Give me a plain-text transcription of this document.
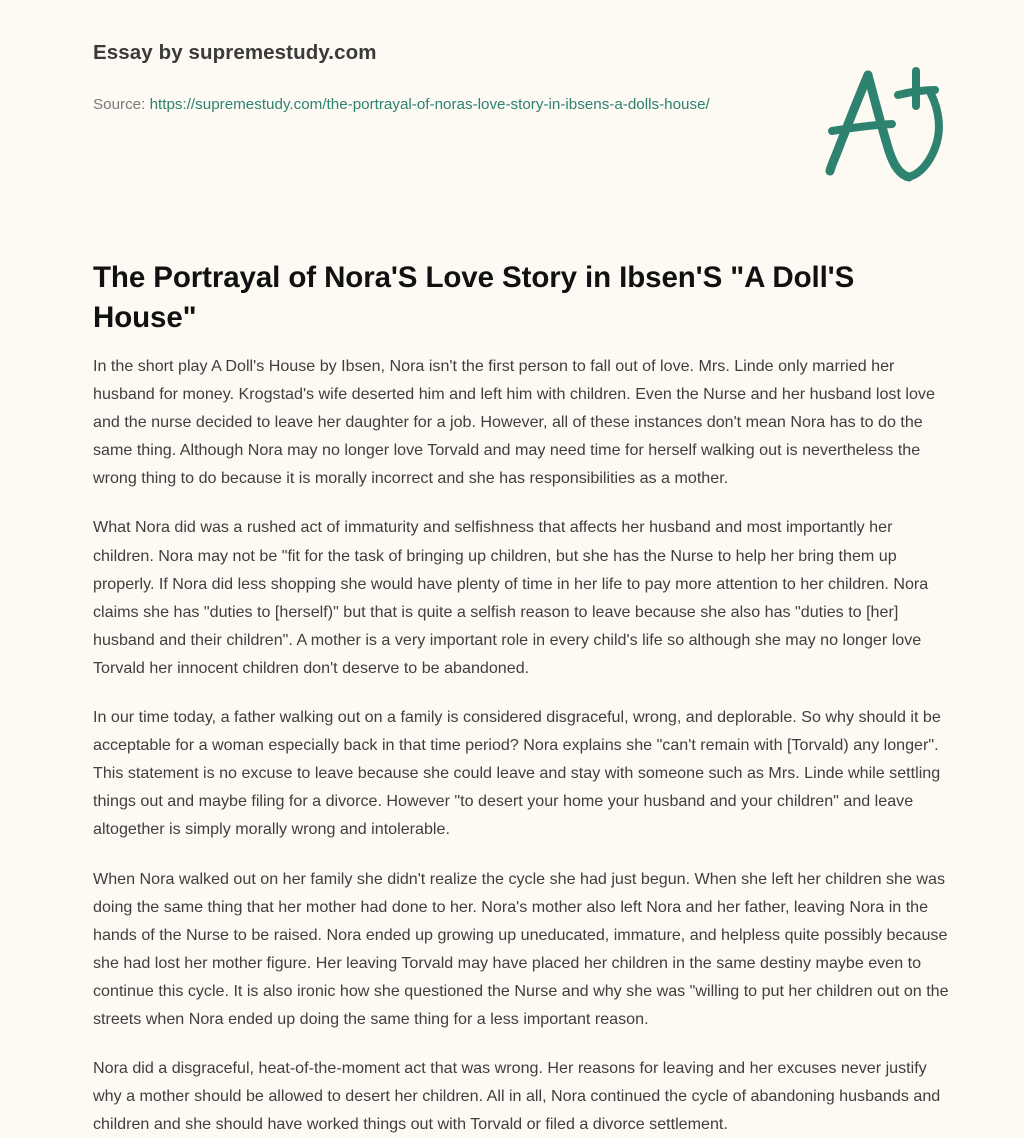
Essay by supremestudy.com
Source: https://supremestudy.com/the-portrayal-of-noras-love-story-in-ibsens-a-dolls-house/
The Portrayal of Nora'S Love Story in Ibsen'S "A Doll'S House"

In the short play A Doll's House by Ibsen, Nora isn't the first person to fall out of love. Mrs. Linde only married her husband for money. Krogstad's wife deserted him and left him with children. Even the Nurse and her husband lost love and the nurse decided to leave her daughter for a job. However, all of these instances don't mean Nora has to do the same thing. Although Nora may no longer love Torvald and may need time for herself walking out is nevertheless the wrong thing to do because it is morally incorrect and she has responsibilities as a mother.

What Nora did was a rushed act of immaturity and selfishness that affects her husband and most importantly her children. Nora may not be "fit for the task of bringing up children, but she has the Nurse to help her bring them up properly. If Nora did less shopping she would have plenty of time in her life to pay more attention to her children. Nora claims she has "duties to [herself)" but that is quite a selfish reason to leave because she also has "duties to [her] husband and their children". A mother is a very important role in every child's life so although she may no longer love Torvald her innocent children don't deserve to be abandoned.

In our time today, a father walking out on a family is considered disgraceful, wrong, and deplorable. So why should it be acceptable for a woman especially back in that time period? Nora explains she "can't remain with [Torvald) any longer". This statement is no excuse to leave because she could leave and stay with someone such as Mrs. Linde while settling things out and maybe filing for a divorce. However "to desert your home your husband and your children" and leave altogether is simply morally wrong and intolerable.

When Nora walked out on her family she didn't realize the cycle she had just begun. When she left her children she was doing the same thing that her mother had done to her. Nora's mother also left Nora and her father, leaving Nora in the hands of the Nurse to be raised. Nora ended up growing up uneducated, immature, and helpless quite possibly because she had lost her mother figure. Her leaving Torvald may have placed her children in the same destiny maybe even to continue this cycle. It is also ironic how she questioned the Nurse and why she was "willing to put her children out on the streets when Nora ended up doing the same thing for a less important reason.

Nora did a disgraceful, heat-of-the-moment act that was wrong. Her reasons for leaving and her excuses never justify why a mother should be allowed to desert her children. All in all, Nora continued the cycle of abandoning husbands and children and she should have worked things out with Torvald or filed a divorce settlement.
